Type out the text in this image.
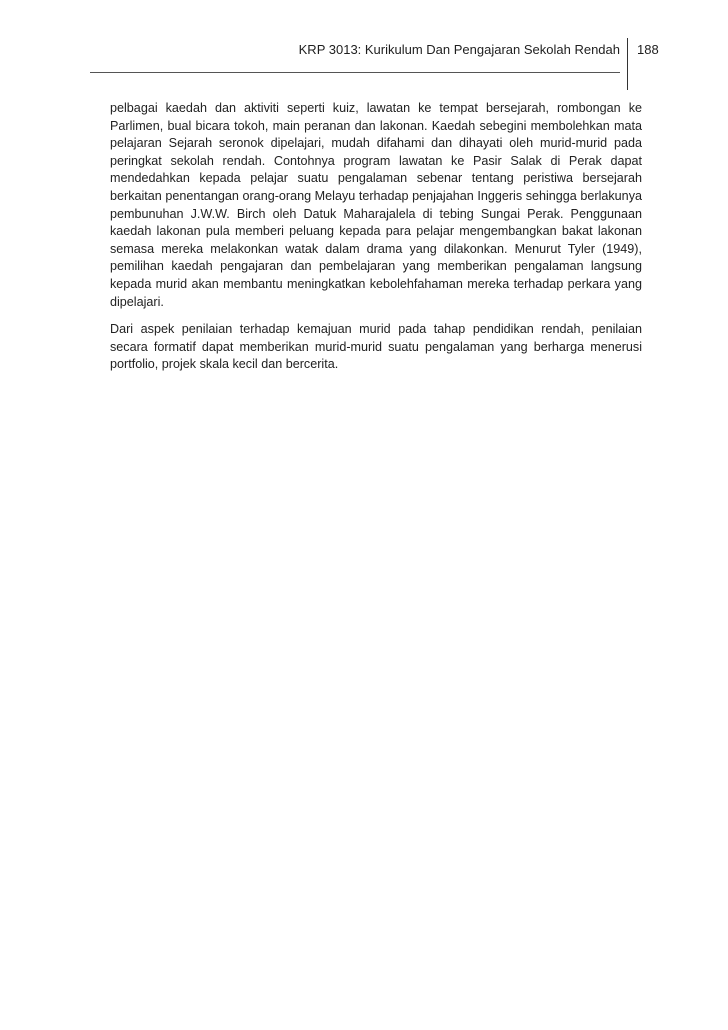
KRP 3013: Kurikulum Dan Pengajaran Sekolah Rendah 188

pelbagai kaedah dan aktiviti seperti kuiz, lawatan ke tempat bersejarah, rombongan ke Parlimen, bual bicara tokoh, main peranan dan lakonan. Kaedah sebegini membolehkan mata pelajaran Sejarah seronok dipelajari, mudah difahami dan dihayati oleh murid-murid pada peringkat sekolah rendah. Contohnya program lawatan ke Pasir Salak di Perak dapat mendedahkan kepada pelajar suatu pengalaman sebenar tentang peristiwa bersejarah berkaitan penentangan orang-orang Melayu terhadap penjajahan Inggeris sehingga berlakunya pembunuhan J.W.W. Birch oleh Datuk Maharajalela di tebing Sungai Perak. Penggunaan kaedah lakonan pula memberi peluang kepada para pelajar mengembangkan bakat lakonan semasa mereka melakonkan watak dalam drama yang dilakonkan. Menurut Tyler (1949), pemilihan kaedah pengajaran dan pembelajaran yang memberikan pengalaman langsung kepada murid akan membantu meningkatkan kebolehfahaman mereka terhadap perkara yang dipelajari.

Dari aspek penilaian terhadap kemajuan murid pada tahap pendidikan rendah, penilaian secara formatif dapat memberikan murid-murid suatu pengalaman yang berharga menerusi portfolio, projek skala kecil dan bercerita.
